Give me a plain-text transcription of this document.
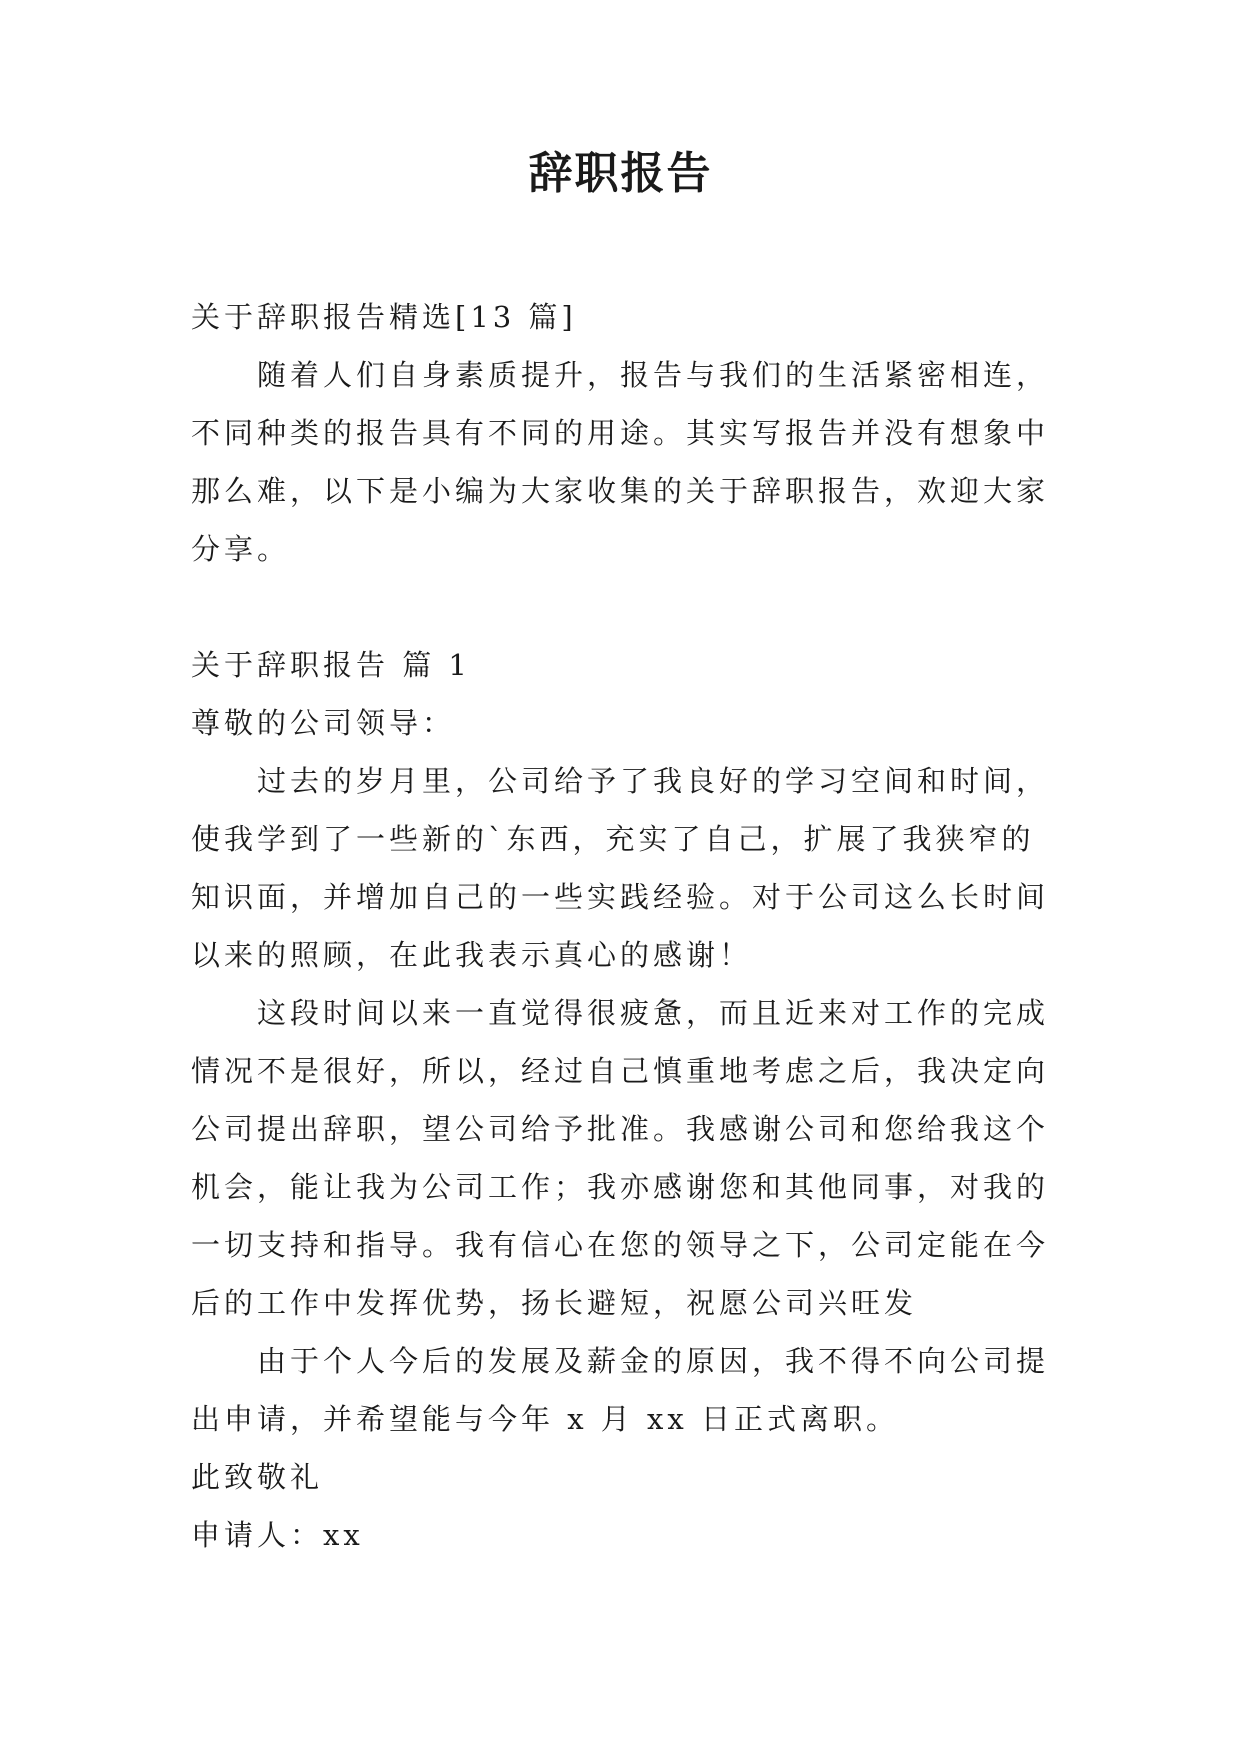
辞职报告

关于辞职报告精选[13 篇]

随着人们自身素质提升，报告与我们的生活紧密相连，不同种类的报告具有不同的用途。其实写报告并没有想象中那么难，以下是小编为大家收集的关于辞职报告，欢迎大家分享。

关于辞职报告 篇 1

尊敬的公司领导：

过去的岁月里，公司给予了我良好的学习空间和时间，使我学到了一些新的`东西，充实了自己，扩展了我狭窄的知识面，并增加自己的一些实践经验。对于公司这么长时间以来的照顾，在此我表示真心的感谢！

这段时间以来一直觉得很疲惫，而且近来对工作的完成情况不是很好，所以，经过自己慎重地考虑之后，我决定向公司提出辞职，望公司给予批准。我感谢公司和您给我这个机会，能让我为公司工作；我亦感谢您和其他同事，对我的一切支持和指导。我有信心在您的领导之下，公司定能在今后的工作中发挥优势，扬长避短，祝愿公司兴旺发

由于个人今后的发展及薪金的原因，我不得不向公司提出申请，并希望能与今年 x 月 xx 日正式离职。

此致敬礼

申请人：xx
